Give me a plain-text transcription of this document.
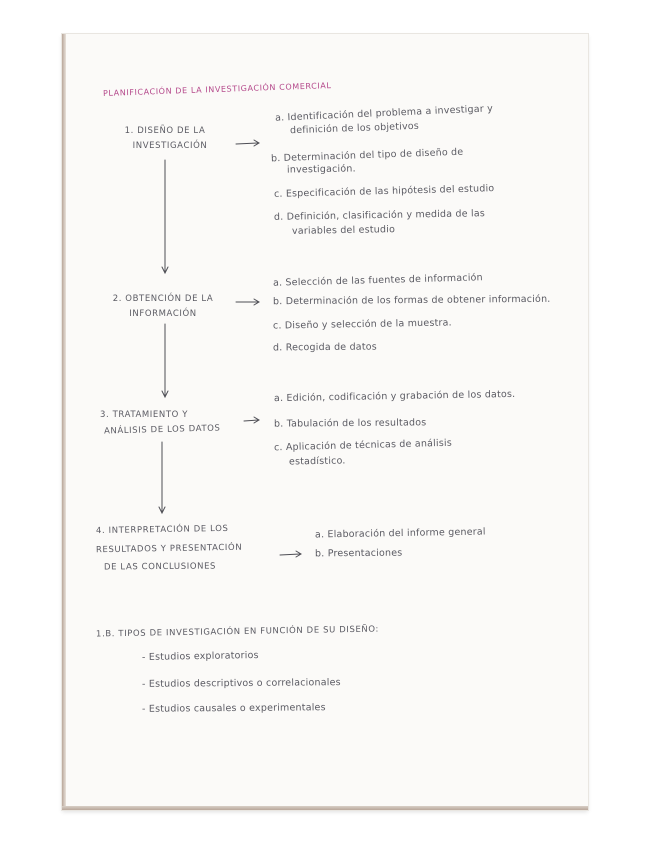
PLANIFICACIÓN DE LA INVESTIGACIÓN COMERCIAL
1. DISEÑO DE LA
INVESTIGACIÓN
a. Identificación del problema a investigar y
definición de los objetivos
b. Determinación del tipo de diseño de
investigación.
c. Especificación de las hipótesis del estudio
d. Definición, clasificación y medida de las
variables del estudio
2. OBTENCIÓN DE LA
INFORMACIÓN
a. Selección de las fuentes de información
b. Determinación de los formas de obtener información.
c. Diseño y selección de la muestra.
d. Recogida de datos
3. TRATAMIENTO Y
ANÁLISIS DE LOS DATOS
a. Edición, codificación y grabación de los datos.
b. Tabulación de los resultados
c. Aplicación de técnicas de análisis
estadístico.
4. INTERPRETACIÓN DE LOS
RESULTADOS Y PRESENTACIÓN
DE LAS CONCLUSIONES
a. Elaboración del informe general
b. Presentaciones
1.B. TIPOS DE INVESTIGACIÓN EN FUNCIÓN DE SU DISEÑO:
- Estudios exploratorios
- Estudios descriptivos o correlacionales
- Estudios causales o experimentales
